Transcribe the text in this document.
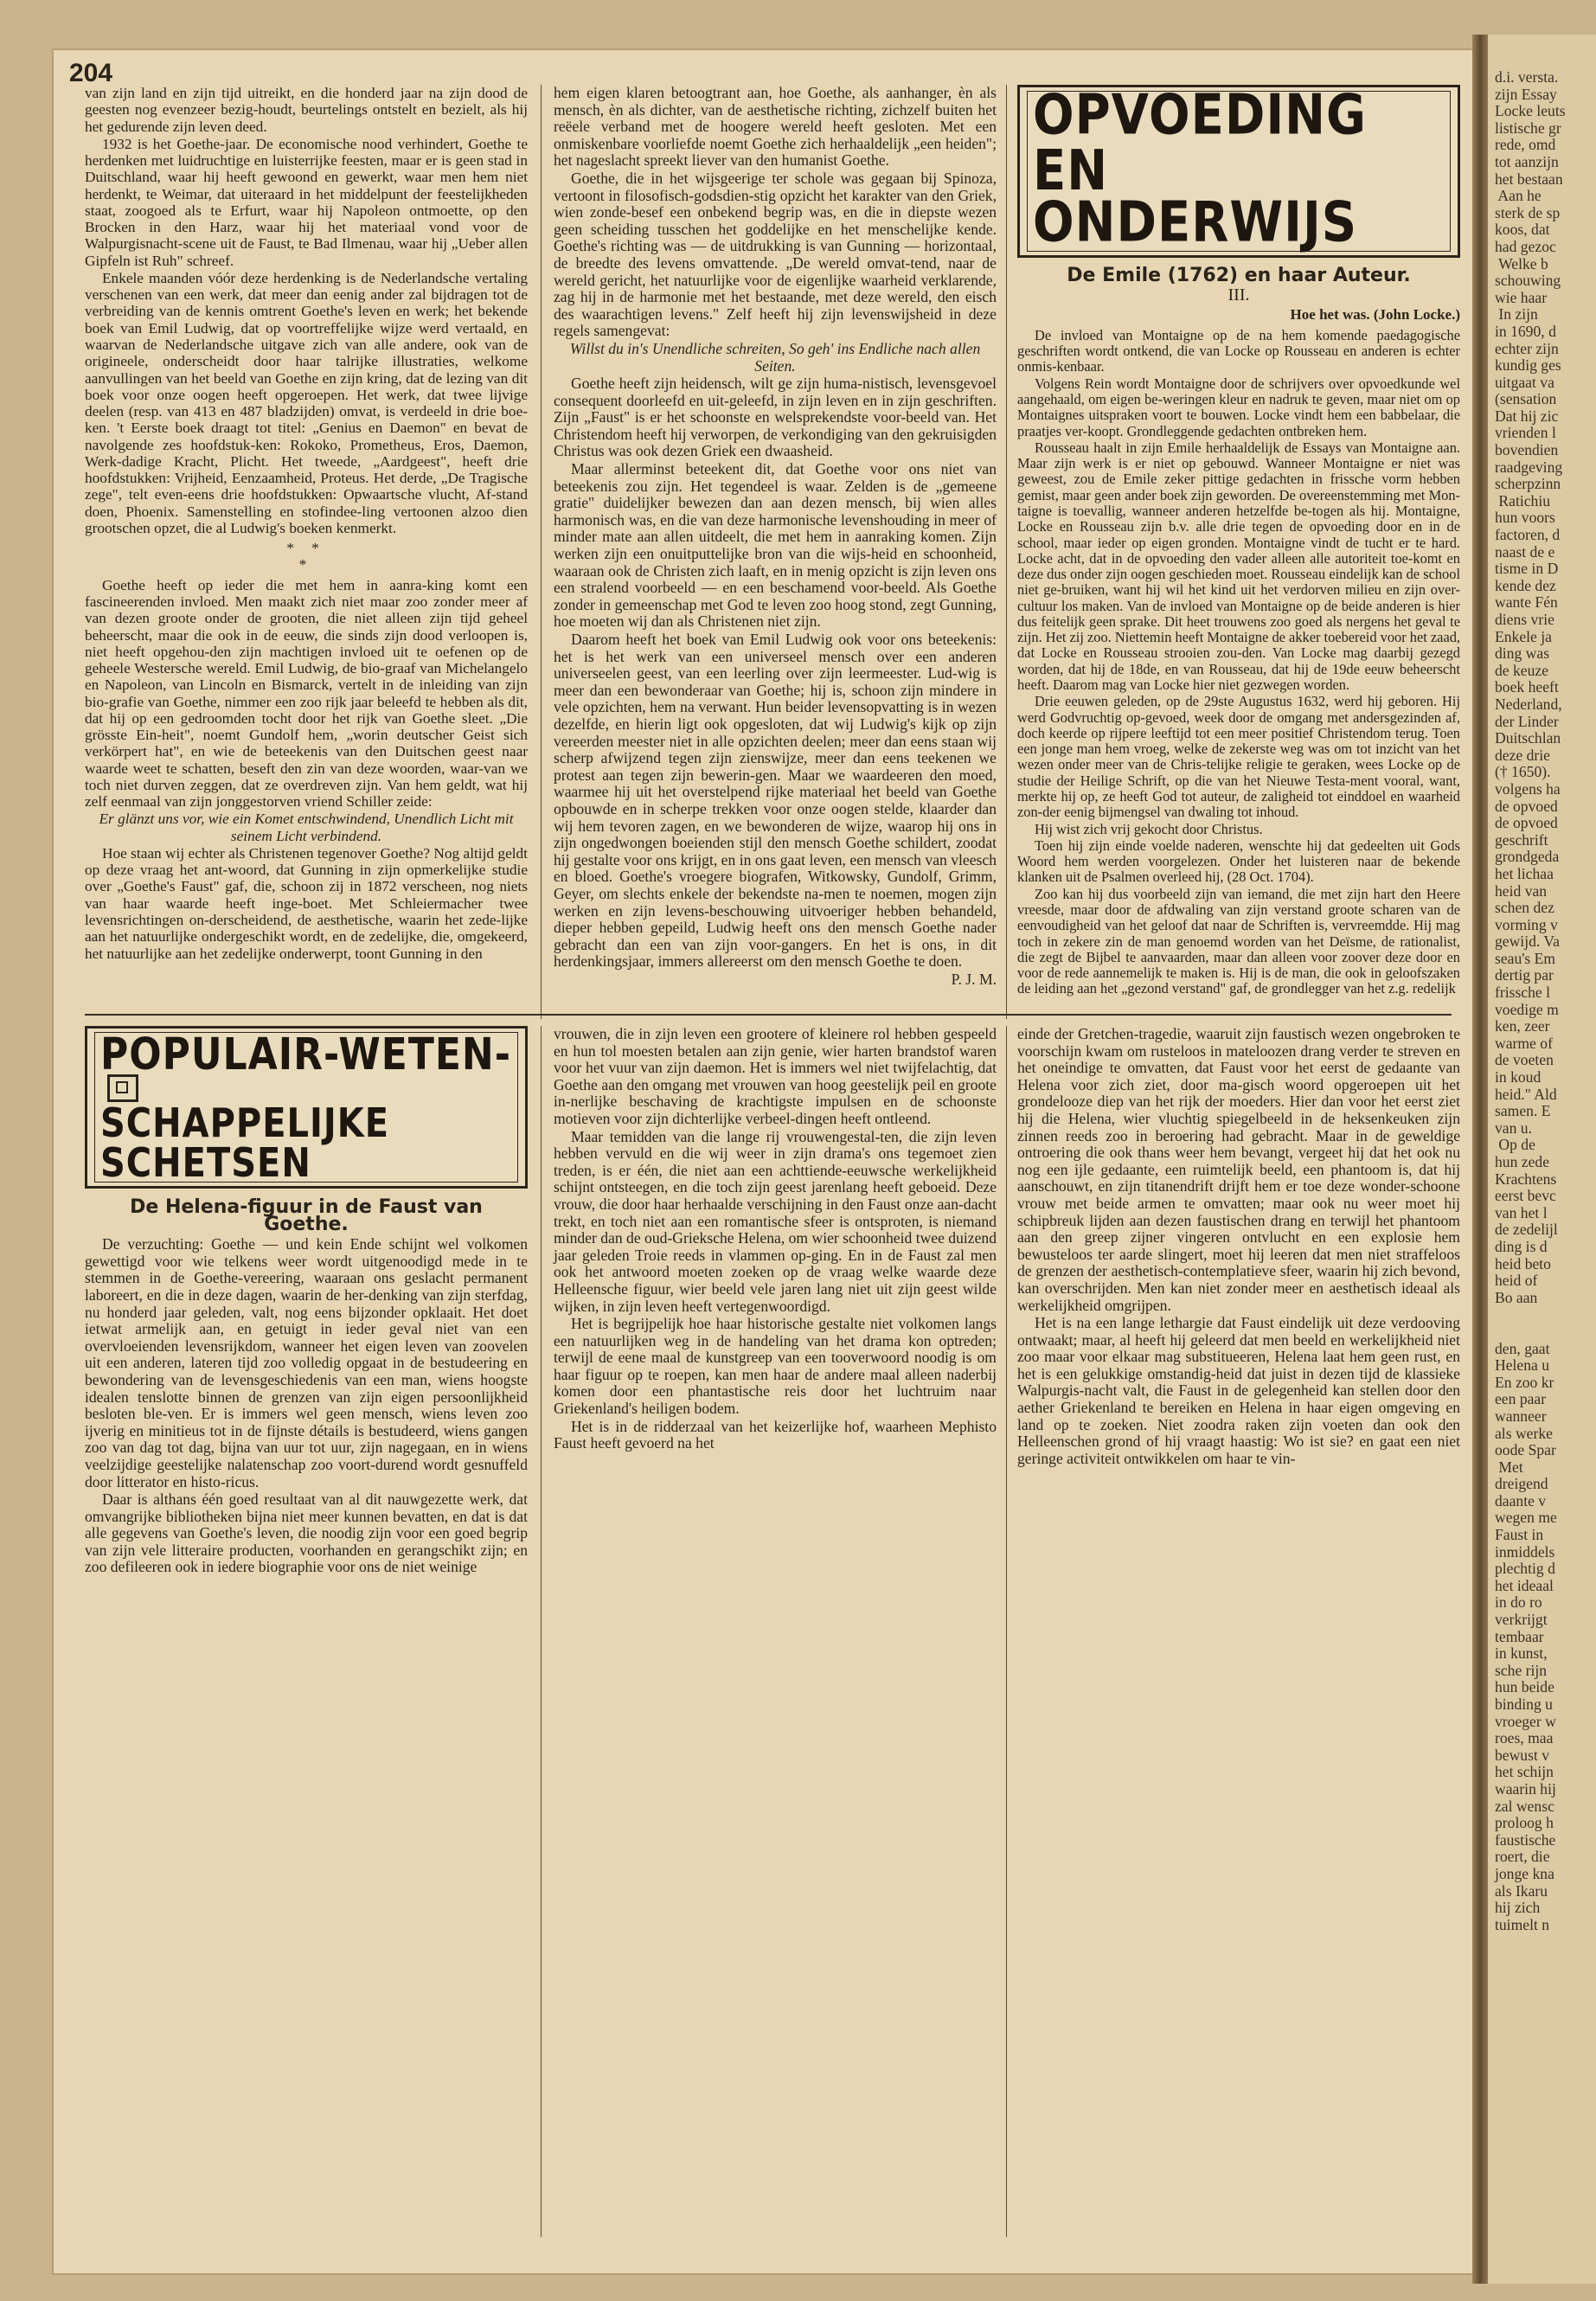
d.i. versta.
zijn Essay
Locke leuts
listische gr
rede, omd
tot aanzijn
het bestaan
Aan he
sterk de sp
koos, dat
had gezoc
Welke b
schouwing
wie haar
In zijn
in 1690, d
echter zijn
kundig ges
uitgaat va
(sensation
Dat hij zic
vrienden l
bovendien
raadgeving
scherpzinn
Ratichiu
hun voors
factoren, d
naast de e
tisme in D
kende dez
wante Fén
diens vrie
Enkele ja
ding was
de keuze
boek heeft
Nederland,
der Linder
Duitschlan
deze drie
(† 1650).
volgens ha
de opvoed
de opvoed
geschrift
grondgeda
het lichaa
heid van
schen dez
vorming v
gewijd. Va
seau's Em
dertig par
frissche l
voedige m
ken, zeer
warme of
de voeten
in koud
heid." Ald
samen. E
van u.
Op de
hun zede
Krachtens
eerst bevc
van het l
de zedelijl
ding is d
heid beto
heid of
Bo aan

den, gaat
Helena u
En zoo kr
een paar
wanneer
als werke
oode Spar
Met
dreigend
daante v
wegen me
Faust in
inmiddels
plechtig d
het ideaal
in do ro
verkrijgt
tembaar
in kunst,
sche rijn
hun beide
binding u
vroeger w
roes, maa
bewust v
het schijn
waarin hij
zal wensc
proloog h
faustische
roert, die
jonge kna
als Ikaru
hij zich
tuimelt n
204

van zijn land en zijn tijd uitreikt, en die honderd jaar na zijn dood de geesten nog evenzeer bezig-houdt, beurtelings ontstelt en bezielt, als hij het gedurende zijn leven deed.

1932 is het Goethe-jaar. De economische nood verhindert, Goethe te herdenken met luidruchtige en luisterrijke feesten, maar er is geen stad in Duitschland, waar hij heeft gewoond en gewerkt, waar men hem niet herdenkt, te Weimar, dat uiteraard in het middelpunt der feestelijkheden staat, zoogoed als te Erfurt, waar hij Napoleon ontmoette, op den Brocken in den Harz, waar hij het materiaal vond voor de Walpurgisnacht-scene uit de Faust, te Bad Ilmenau, waar hij „Ueber allen Gipfeln ist Ruh" schreef.

Enkele maanden vóór deze herdenking is de Nederlandsche vertaling verschenen van een werk, dat meer dan eenig ander zal bijdragen tot de verbreiding van de kennis omtrent Goethe's leven en werk; het bekende boek van Emil Ludwig, dat op voortreffelijke wijze werd vertaald, en waarvan de Nederlandsche uitgave zich van alle andere, ook van de origineele, onderscheidt door haar talrijke illustraties, welkome aanvullingen van het beeld van Goethe en zijn kring, dat de lezing van dit boek voor onze oogen heeft opgeroepen. Het werk, dat twee lijvige deelen (resp. van 413 en 487 bladzijden) omvat, is verdeeld in drie boe-ken. 't Eerste boek draagt tot titel: „Genius en Daemon" en bevat de navolgende zes hoofdstuk-ken: Rokoko, Prometheus, Eros, Daemon, Werk-dadige Kracht, Plicht. Het tweede, „Aardgeest", heeft drie hoofdstukken: Vrijheid, Eenzaamheid, Proteus. Het derde, „De Tragische zege", telt even-eens drie hoofdstukken: Opwaartsche vlucht, Af-stand doen, Phoenix. Samenstelling en stofindee-ling vertoonen alzoo dien grootschen opzet, die al Ludwig's boeken kenmerkt.

* *
*

Goethe heeft op ieder die met hem in aanra-king komt een fascineerenden invloed. Men maakt zich niet maar zoo zonder meer af van dezen groote onder de grooten, die niet alleen zijn tijd geheel beheerscht, maar die ook in de eeuw, die sinds zijn dood verloopen is, niet heeft opgehou-den zijn machtigen invloed uit te oefenen op de geheele Westersche wereld. Emil Ludwig, de bio-graaf van Michelangelo en Napoleon, van Lincoln en Bismarck, vertelt in de inleiding van zijn bio-grafie van Goethe, nimmer een zoo rijk jaar beleefd te hebben als dit, dat hij op een gedroomden tocht door het rijk van Goethe sleet. „Die grösste Ein-heit", noemt Gundolf hem, „worin deutscher Geist sich verkörpert hat", en wie de beteekenis van den Duitschen geest naar waarde weet te schatten, beseft den zin van deze woorden, waar-van we toch niet durven zeggen, dat ze overdreven zijn. Van hem geldt, wat hij zelf eenmaal van zijn jonggestorven vriend Schiller zeide:

Er glänzt uns vor, wie ein Komet entschwindend, Unendlich Licht mit seinem Licht verbindend.

Hoe staan wij echter als Christenen tegenover Goethe? Nog altijd geldt op deze vraag het ant-woord, dat Gunning in zijn opmerkelijke studie over „Goethe's Faust" gaf, die, schoon zij in 1872 verscheen, nog niets van haar waarde heeft inge-boet. Met Schleiermacher twee levensrichtingen on-derscheidend, de aesthetische, waarin het zede-lijke aan het natuurlijke ondergeschikt wordt, en de zedelijke, die, omgekeerd, het natuurlijke aan het zedelijke onderwerpt, toont Gunning in den

hem eigen klaren betoogtrant aan, hoe Goethe, als aanhanger, èn als mensch, èn als dichter, van de aesthetische richting, zichzelf buiten het reëele verband met de hoogere wereld heeft gesloten. Met een onmiskenbare voorliefde noemt Goethe zich herhaaldelijk „een heiden"; het nageslacht spreekt liever van den humanist Goethe.

Goethe, die in het wijsgeerige ter schole was gegaan bij Spinoza, vertoont in filosofisch-godsdien-stig opzicht het karakter van den Griek, wien zonde-besef een onbekend begrip was, en die in diepste wezen geen scheiding tusschen het goddelijke en het menschelijke kende. Goethe's richting was — de uitdrukking is van Gunning — horizontaal, de breedte des levens omvattende. „De wereld omvat-tend, naar de wereld gericht, het natuurlijke voor de eigenlijke waarheid verklarende, zag hij in de harmonie met het bestaande, met deze wereld, den eisch des waarachtigen levens." Zelf heeft hij zijn levenswijsheid in deze regels samengevat:

Willst du in's Unendliche schreiten, So geh' ins Endliche nach allen Seiten.

Goethe heeft zijn heidensch, wilt ge zijn huma-nistisch, levensgevoel consequent doorleefd en uit-geleefd, in zijn leven en in zijn geschriften. Zijn „Faust" is er het schoonste en welsprekendste voor-beeld van. Het Christendom heeft hij verworpen, de verkondiging van den gekruisigden Christus was ook dezen Griek een dwaasheid.

Maar allerminst beteekent dit, dat Goethe voor ons niet van beteekenis zou zijn. Het tegendeel is waar. Zelden is de „gemeene gratie" duidelijker bewezen dan aan dezen mensch, bij wien alles harmonisch was, en die van deze harmonische levenshouding in meer of minder mate aan allen uitdeelt, die met hem in aanraking komen. Zijn werken zijn een onuitputtelijke bron van die wijs-heid en schoonheid, waaraan ook de Christen zich laaft, en in menig opzicht is zijn leven ons een stralend voorbeeld — en een beschamend voor-beeld. Als Goethe zonder in gemeenschap met God te leven zoo hoog stond, zegt Gunning, hoe moeten wij dan als Christenen niet zijn.

Daarom heeft het boek van Emil Ludwig ook voor ons beteekenis: het is het werk van een universeel mensch over een anderen universeelen geest, van een leerling over zijn leermeester. Lud-wig is meer dan een bewonderaar van Goethe; hij is, schoon zijn mindere in vele opzichten, hem na verwant. Hun beider levensopvatting is in wezen dezelfde, en hierin ligt ook opgesloten, dat wij Ludwig's kijk op zijn vereerden meester niet in alle opzichten deelen; meer dan eens staan wij scherp afwijzend tegen zijn zienswijze, meer dan eens teekenen we protest aan tegen zijn bewerin-gen. Maar we waardeeren den moed, waarmee hij uit het overstelpend rijke materiaal het beeld van Goethe opbouwde en in scherpe trekken voor onze oogen stelde, klaarder dan wij hem tevoren zagen, en we bewonderen de wijze, waarop hij ons in zijn ongedwongen boeienden stijl den mensch Goethe schildert, zoodat hij gestalte voor ons krijgt, en in ons gaat leven, een mensch van vleesch en bloed. Goethe's vroegere biografen, Witkowsky, Gundolf, Grimm, Geyer, om slechts enkele der bekendste na-men te noemen, mogen zijn werken en zijn levens-beschouwing uitvoeriger hebben behandeld, dieper hebben gepeild, Ludwig heeft ons den mensch Goethe nader gebracht dan een van zijn voor-gangers. En het is ons, in dit herdenkingsjaar, immers allereerst om den mensch Goethe te doen.

P. J. M.

OPVOEDING EN
ONDERWIJS
De Emile (1762) en haar Auteur.
III.
Hoe het was. (John Locke.)

De invloed van Montaigne op de na hem komende paedagogische geschriften wordt ontkend, die van Locke op Rousseau en anderen is echter onmis-kenbaar.

Volgens Rein wordt Montaigne door de schrijvers over opvoedkunde wel aangehaald, om eigen be-weringen kleur en nadruk te geven, maar niet om op Montaignes uitspraken voort te bouwen. Locke vindt hem een babbelaar, die praatjes ver-koopt. Grondleggende gedachten ontbreken hem.

Rousseau haalt in zijn Emile herhaaldelijk de Essays van Montaigne aan. Maar zijn werk is er niet op gebouwd. Wanneer Montaigne er niet was geweest, zou de Emile zeker pittige gedachten in frissche vorm hebben gemist, maar geen ander boek zijn geworden. De overeenstemming met Mon-taigne is toevallig, wanneer anderen hetzelfde be-togen als hij. Montaigne, Locke en Rousseau zijn b.v. alle drie tegen de opvoeding door en in de school, maar ieder op eigen gronden. Montaigne vindt de tucht er te hard. Locke acht, dat in de opvoeding den vader alleen alle autoriteit toe-komt en deze dus onder zijn oogen geschieden moet. Rousseau eindelijk kan de school niet ge-bruiken, want hij wil het kind uit het verdorven milieu en zijn over-cultuur los maken. Van de invloed van Montaigne op de beide anderen is hier dus feitelijk geen sprake. Dit heet trouwens zoo goed als nergens het geval te zijn. Het zij zoo. Niettemin heeft Montaigne de akker toebereid voor het zaad, dat Locke en Rousseau strooien zou-den. Van Locke mag daarbij gezegd worden, dat hij de 18de, en van Rousseau, dat hij de 19de eeuw beheerscht heeft. Daarom mag van Locke hier niet gezwegen worden.

Drie eeuwen geleden, op de 29ste Augustus 1632, werd hij geboren. Hij werd Godvruchtig op-gevoed, week door de omgang met andersgezinden af, doch keerde op rijpere leeftijd tot een meer positief Christendom terug. Toen een jonge man hem vroeg, welke de zekerste weg was om tot inzicht van het wezen onder meer van de Chris-telijke religie te geraken, wees Locke op de studie der Heilige Schrift, op die van het Nieuwe Testa-ment vooral, want, merkte hij op, ze heeft God tot auteur, de zaligheid tot einddoel en waarheid zon-der eenig bijmengsel van dwaling tot inhoud.

Hij wist zich vrij gekocht door Christus.

Toen hij zijn einde voelde naderen, wenschte hij dat gedeelten uit Gods Woord hem werden voorgelezen. Onder het luisteren naar de bekende klanken uit de Psalmen overleed hij, (28 Oct. 1704).

Zoo kan hij dus voorbeeld zijn van iemand, die met zijn hart den Heere vreesde, maar door de afdwaling van zijn verstand groote scharen van de eenvoudigheid van het geloof dat naar de Schriften is, vervreemdde. Hij mag toch in zekere zin de man genoemd worden van het Deïsme, de rationalist, die zegt de Bijbel te aanvaarden, maar dan alleen voor zoover deze door en voor de rede aannemelijk te maken is. Hij is de man, die ook in geloofszaken de leiding aan het „gezond verstand" gaf, de grondlegger van het z.g. redelijk

POPULAIR-WETEN-
SCHAPPELIJKE SCHETSEN
De Helena-figuur in de Faust van Goethe.

De verzuchting: Goethe — und kein Ende schijnt wel volkomen gewettigd voor wie telkens weer wordt uitgenoodigd mede in te stemmen in de Goethe-vereering, waaraan ons geslacht permanent laboreert, en die in deze dagen, waarin de her-denking van zijn sterfdag, nu honderd jaar geleden, valt, nog eens bijzonder opklaait. Het doet ietwat armelijk aan, en getuigt in ieder geval niet van een overvloeienden levensrijkdom, wanneer het eigen leven van zoovelen uit een anderen, lateren tijd zoo volledig opgaat in de bestudeering en bewondering van de levensgeschiedenis van een man, wiens hoogste idealen tenslotte binnen de grenzen van zijn eigen persoonlijkheid besloten ble-ven. Er is immers wel geen mensch, wiens leven zoo ijverig en minitieus tot in de fijnste détails is bestudeerd, wiens gangen zoo van dag tot dag, bijna van uur tot uur, zijn nagegaan, en in wiens veelzijdige geestelijke nalatenschap zoo voort-durend wordt gesnuffeld door litterator en histo-ricus.

Daar is althans één goed resultaat van al dit nauwgezette werk, dat omvangrijke bibliotheken bijna niet meer kunnen bevatten, en dat is dat alle gegevens van Goethe's leven, die noodig zijn voor een goed begrip van zijn vele litteraire producten, voorhanden en gerangschikt zijn; en zoo defileeren ook in iedere biographie voor ons de niet weinige

vrouwen, die in zijn leven een grootere of kleinere rol hebben gespeeld en hun tol moesten betalen aan zijn genie, wier harten brandstof waren voor het vuur van zijn daemon. Het is immers wel niet twijfelachtig, dat Goethe aan den omgang met vrouwen van hoog geestelijk peil en groote in-nerlijke beschaving de krachtigste impulsen en de schoonste motieven voor zijn dichterlijke verbeel-dingen heeft ontleend.

Maar temidden van die lange rij vrouwengestal-ten, die zijn leven hebben vervuld en die wij weer in zijn drama's ons tegemoet zien treden, is er één, die niet aan een achttiende-eeuwsche werkelijkheid schijnt ontsteegen, en die toch zijn geest jarenlang heeft geboeid. Deze vrouw, die door haar herhaalde verschijning in den Faust onze aan-dacht trekt, en toch niet aan een romantische sfeer is ontsproten, is niemand minder dan de oud-Grieksche Helena, om wier schoonheid twee duizend jaar geleden Troie reeds in vlammen op-ging. En in de Faust zal men ook het antwoord moeten zoeken op de vraag welke waarde deze Helleensche figuur, wier beeld vele jaren lang niet uit zijn geest wilde wijken, in zijn leven heeft vertegenwoordigd.

Het is begrijpelijk hoe haar historische gestalte niet volkomen langs een natuurlijken weg in de handeling van het drama kon optreden; terwijl de eene maal de kunstgreep van een tooverwoord noodig is om haar figuur op te roepen, kan men haar de andere maal alleen naderbij komen door een phantastische reis door het luchtruim naar Griekenland's heiligen bodem.

Het is in de ridderzaal van het keizerlijke hof, waarheen Mephisto Faust heeft gevoerd na het

einde der Gretchen-tragedie, waaruit zijn faustisch wezen ongebroken te voorschijn kwam om rusteloos in mateloozen drang verder te streven en het oneindige te omvatten, dat Faust voor het eerst de gedaante van Helena voor zich ziet, door ma-gisch woord opgeroepen uit het grondelooze diep van het rijk der moeders. Hier dan voor het eerst ziet hij die Helena, wier vluchtig spiegelbeeld in de heksenkeuken zijn zinnen reeds zoo in beroering had gebracht. Maar in de geweldige ontroering die ook thans weer hem bevangt, vergeet hij dat het ook nu nog een ijle gedaante, een ruimtelijk beeld, een phantoom is, dat hij aanschouwt, en zijn titanendrift drijft hem er toe deze wonder-schoone vrouw met beide armen te omvatten; maar ook nu weer moet hij schipbreuk lijden aan dezen faustischen drang en terwijl het phantoom aan den greep zijner vingeren ontvlucht en een explosie hem bewusteloos ter aarde slingert, moet hij leeren dat men niet straffeloos de grenzen der aesthetisch-contemplatieve sfeer, waarin hij zich bevond, kan overschrijden. Men kan niet zonder meer en aesthetisch ideaal als werkelijkheid omgrijpen.

Het is na een lange lethargie dat Faust eindelijk uit deze verdooving ontwaakt; maar, al heeft hij geleerd dat men beeld en werkelijkheid niet zoo maar voor elkaar mag substitueeren, Helena laat hem geen rust, en het is een gelukkige omstandig-heid dat juist in dezen tijd de klassieke Walpurgis-nacht valt, die Faust in de gelegenheid kan stellen door den aether Griekenland te bereiken en Helena in haar eigen omgeving en land op te zoeken. Niet zoodra raken zijn voeten dan ook den Helleenschen grond of hij vraagt haastig: Wo ist sie? en gaat een niet geringe activiteit ontwikkelen om haar te vin-
